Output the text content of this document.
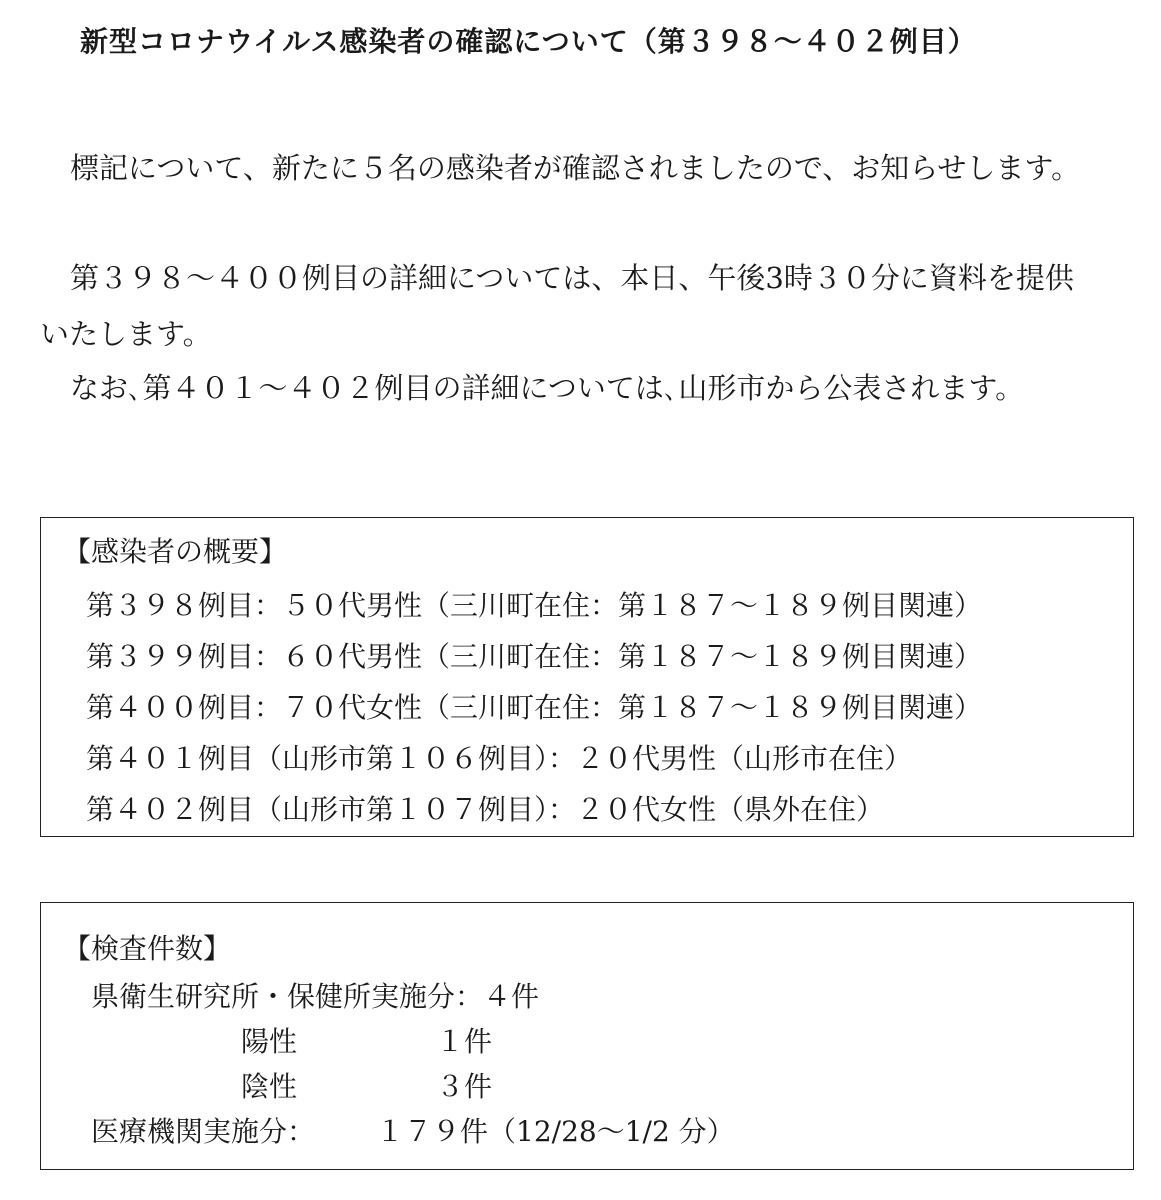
新型コロナウイルス感染者の確認について（第３９８～４０２例目）
標記について、新たに５名の感染者が確認されましたので、お知らせします。
第３９８～４００例目の詳細については、本日、午後3時３０分に資料を提供いたします。
なお､第４０１～４０２例目の詳細については､山形市から公表されます。
【感染者の概要】
第３９８例目：５０代男性（三川町在住：第１８７～１８９例目関連）
第３９９例目：６０代男性（三川町在住：第１８７～１８９例目関連）
第４００例目：７０代女性（三川町在住：第１８７～１８９例目関連）
第４０１例目（山形市第１０６例目）：２０代男性（山形市在住）
第４０２例目（山形市第１０７例目）：２０代女性（県外在住）
【検査件数】
県衛生研究所・保健所実施分：４件
陽性	１件
陰性	３件
医療機関実施分： １７９件（12/28～1/2 分）
